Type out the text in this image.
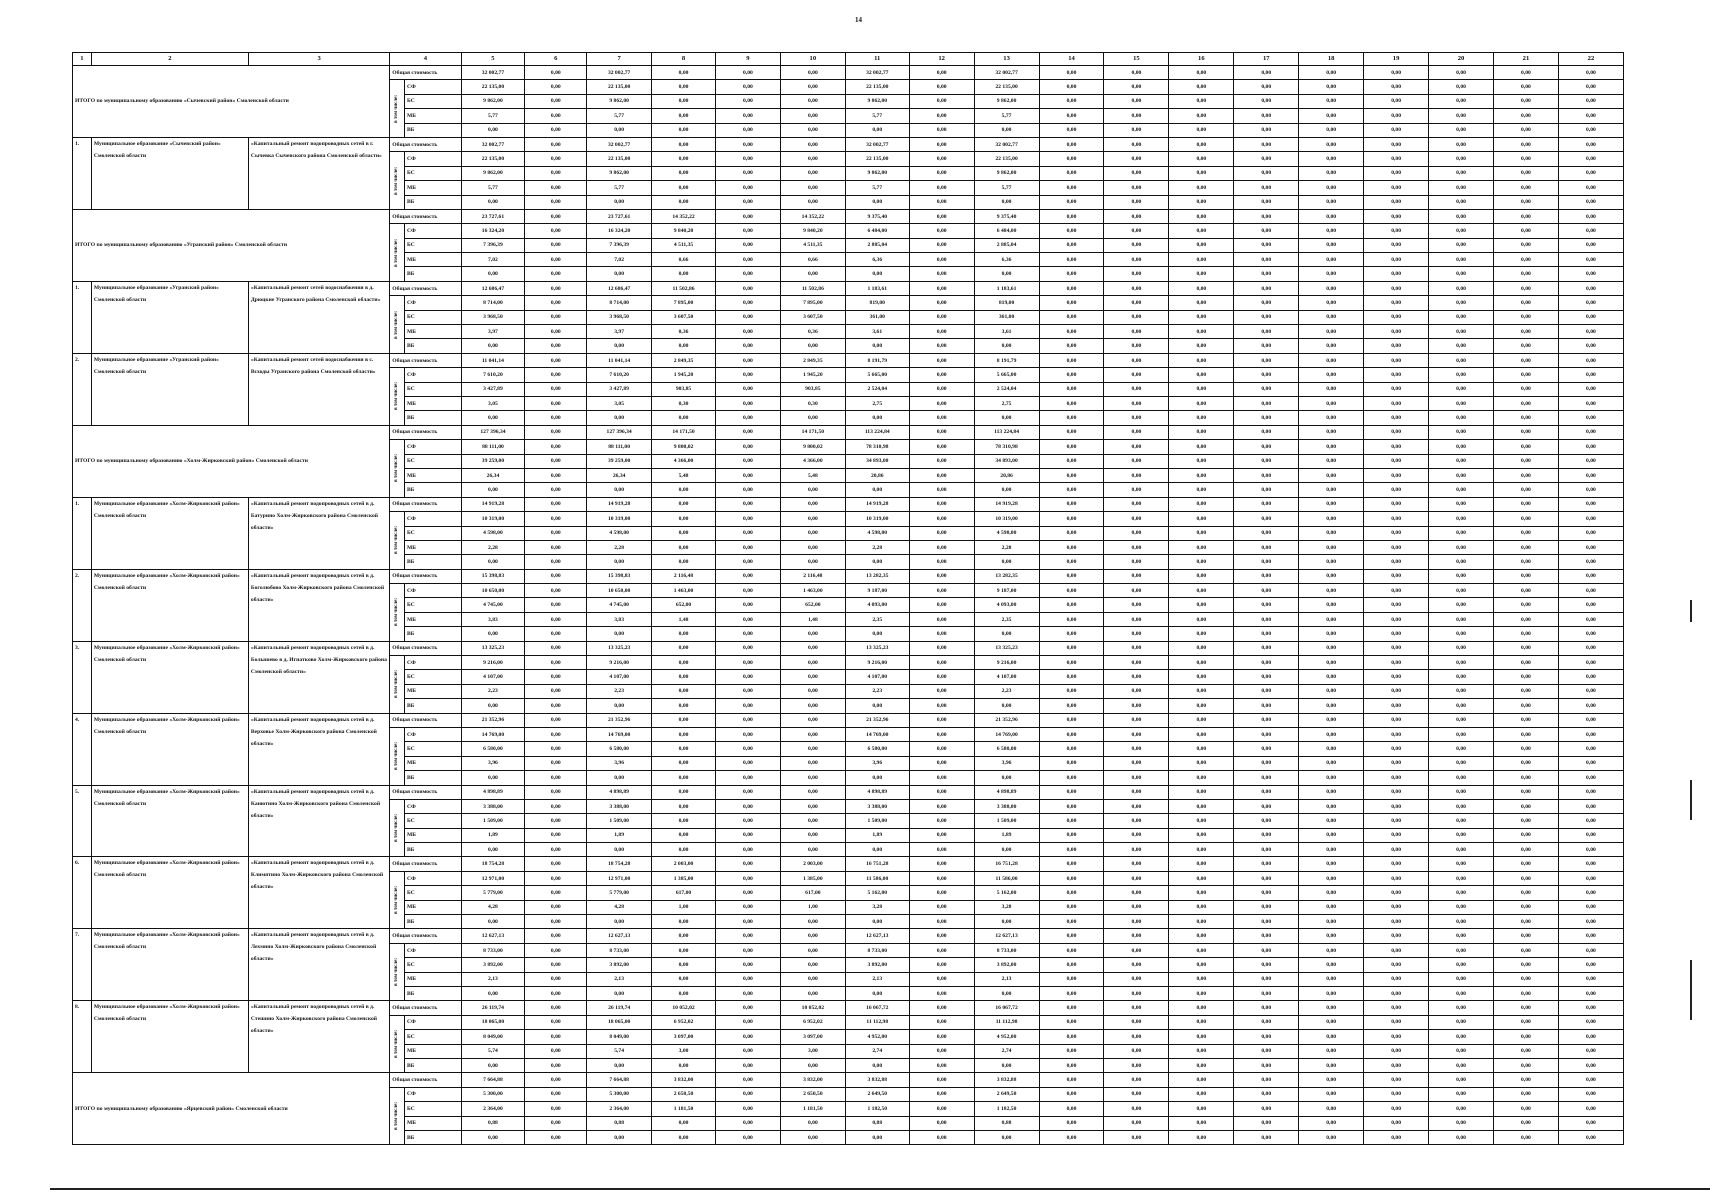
14
1	2	3	4		5	6	7	8	9	10	11	12	13	14	15	16	17	18	19	20	21	22
ИТОГО по муниципальному образованию «Сычевский район» Смоленской области			Общая стоимость		32 002,77	0,00	32 002,77	0,00	0,00	0,00	32 002,77	0,00	32 002,77	0,00	0,00	0,00	0,00	0,00	0,00	0,00	0,00	0,00

			в том числе:	СФ	22 135,00	0,00	22 135,00	0,00	0,00	0,00	22 135,00	0,00	22 135,00	0,00	0,00	0,00	0,00	0,00	0,00	0,00	0,00	0,00
				БС	9 862,00	0,00	9 862,00	0,00	0,00	0,00	9 862,00	0,00	9 862,00	0,00	0,00	0,00	0,00	0,00	0,00	0,00	0,00	0,00
				МБ	5,77	0,00	5,77	0,00	0,00	0,00	5,77	0,00	5,77	0,00	0,00	0,00	0,00	0,00	0,00	0,00	0,00	0,00
				ВБ	0,00	0,00	0,00	0,00	0,00	0,00	0,00	0,00	0,00	0,00	0,00	0,00	0,00	0,00	0,00	0,00	0,00	0,00
1.	Муниципальное образование «Сычевский район» Смоленской области	«Капитальный ремонт водопроводных сетей в г. Сычевка Сычевского района Смоленской области»	Общая стоимость		32 002,77	0,00	32 002,77	0,00	0,00	0,00	32 002,77	0,00	32 002,77	0,00	0,00	0,00	0,00	0,00	0,00	0,00	0,00	0,00

			в том числе:	СФ	22 135,00	0,00	22 135,00	0,00	0,00	0,00	22 135,00	0,00	22 135,00	0,00	0,00	0,00	0,00	0,00	0,00	0,00	0,00	0,00
				БС	9 862,00	0,00	9 862,00	0,00	0,00	0,00	9 862,00	0,00	9 862,00	0,00	0,00	0,00	0,00	0,00	0,00	0,00	0,00	0,00
				МБ	5,77	0,00	5,77	0,00	0,00	0,00	5,77	0,00	5,77	0,00	0,00	0,00	0,00	0,00	0,00	0,00	0,00	0,00
				ВБ	0,00	0,00	0,00	0,00	0,00	0,00	0,00	0,00	0,00	0,00	0,00	0,00	0,00	0,00	0,00	0,00	0,00	0,00
ИТОГО по муниципальному образованию «Угранский район» Смоленской области			Общая стоимость		23 727,61	0,00	23 727,61	14 352,22	0,00	14 352,22	9 375,40	0,00	9 375,40	0,00	0,00	0,00	0,00	0,00	0,00	0,00	0,00	0,00

			в том числе:	СФ	16 324,20	0,00	16 324,20	9 840,20	0,00	9 840,20	6 484,00	0,00	6 484,00	0,00	0,00	0,00	0,00	0,00	0,00	0,00	0,00	0,00
				БС	7 396,39	0,00	7 396,39	4 511,35	0,00	4 511,35	2 885,04	0,00	2 885,04	0,00	0,00	0,00	0,00	0,00	0,00	0,00	0,00	0,00
				МБ	7,02	0,00	7,02	0,66	0,00	0,66	6,36	0,00	6,36	0,00	0,00	0,00	0,00	0,00	0,00	0,00	0,00	0,00
				ВБ	0,00	0,00	0,00	0,00	0,00	0,00	0,00	0,00	0,00	0,00	0,00	0,00	0,00	0,00	0,00	0,00	0,00	0,00
1.	Муниципальное образование «Угранский район» Смоленской области	«Капитальный ремонт сетей водоснабжения в д. Дрюцкие Угранского района Смоленской области»	Общая стоимость		12 686,47	0,00	12 686,47	11 502,86	0,00	11 502,86	1 183,61	0,00	1 183,61	0,00	0,00	0,00	0,00	0,00	0,00	0,00	0,00	0,00

			в том числе:	СФ	8 714,00	0,00	8 714,00	7 895,00	0,00	7 895,00	819,00	0,00	819,00	0,00	0,00	0,00	0,00	0,00	0,00	0,00	0,00	0,00
				БС	3 968,50	0,00	3 968,50	3 607,50	0,00	3 607,50	361,00	0,00	361,00	0,00	0,00	0,00	0,00	0,00	0,00	0,00	0,00	0,00
				МБ	3,97	0,00	3,97	0,36	0,00	0,36	3,61	0,00	3,61	0,00	0,00	0,00	0,00	0,00	0,00	0,00	0,00	0,00
				ВБ	0,00	0,00	0,00	0,00	0,00	0,00	0,00	0,00	0,00	0,00	0,00	0,00	0,00	0,00	0,00	0,00	0,00	0,00
2.	Муниципальное образование «Угранский район» Смоленской области	«Капитальный ремонт сетей водоснабжения в с. Всходы Угранского района Смоленской области»	Общая стоимость		11 041,14	0,00	11 041,14	2 849,35	0,00	2 849,35	8 191,79	0,00	8 191,79	0,00	0,00	0,00	0,00	0,00	0,00	0,00	0,00	0,00

			в том числе:	СФ	7 610,20	0,00	7 610,20	1 945,20	0,00	1 945,20	5 665,00	0,00	5 665,00	0,00	0,00	0,00	0,00	0,00	0,00	0,00	0,00	0,00
				БС	3 427,89	0,00	3 427,89	903,85	0,00	903,85	2 524,04	0,00	2 524,04	0,00	0,00	0,00	0,00	0,00	0,00	0,00	0,00	0,00
				МБ	3,05	0,00	3,05	0,30	0,00	0,30	2,75	0,00	2,75	0,00	0,00	0,00	0,00	0,00	0,00	0,00	0,00	0,00
				ВБ	0,00	0,00	0,00	0,00	0,00	0,00	0,00	0,00	0,00	0,00	0,00	0,00	0,00	0,00	0,00	0,00	0,00	0,00
ИТОГО по муниципальному образованию «Холм-Жирковский район» Смоленской области			Общая стоимость		127 396,34	0,00	127 396,34	14 171,50	0,00	14 171,50	113 224,84	0,00	113 224,84	0,00	0,00	0,00	0,00	0,00	0,00	0,00	0,00	0,00

			в том числе:	СФ	88 111,00	0,00	88 111,00	9 800,02	0,00	9 800,02	78 310,98	0,00	78 310,98	0,00	0,00	0,00	0,00	0,00	0,00	0,00	0,00	0,00
				БС	39 259,00	0,00	39 259,00	4 366,00	0,00	4 366,00	34 893,00	0,00	34 893,00	0,00	0,00	0,00	0,00	0,00	0,00	0,00	0,00	0,00
				МБ	26,34	0,00	26,34	5,48	0,00	5,48	20,86	0,00	20,86	0,00	0,00	0,00	0,00	0,00	0,00	0,00	0,00	0,00
				ВБ	0,00	0,00	0,00	0,00	0,00	0,00	0,00	0,00	0,00	0,00	0,00	0,00	0,00	0,00	0,00	0,00	0,00	0,00
1.	Муниципальное образование «Холм-Жирковский район» Смоленской области	«Капитальный ремонт водопроводных сетей в д. Батурино Холм-Жирковского района Смоленской области»	Общая стоимость		14 919,28	0,00	14 919,28	0,00	0,00	0,00	14 919,28	0,00	14 919,28	0,00	0,00	0,00	0,00	0,00	0,00	0,00	0,00	0,00

			в том числе:	СФ	10 319,00	0,00	10 319,00	0,00	0,00	0,00	10 319,00	0,00	10 319,00	0,00	0,00	0,00	0,00	0,00	0,00	0,00	0,00	0,00
				БС	4 598,00	0,00	4 598,00	0,00	0,00	0,00	4 598,00	0,00	4 598,00	0,00	0,00	0,00	0,00	0,00	0,00	0,00	0,00	0,00
				МБ	2,28	0,00	2,28	0,00	0,00	0,00	2,28	0,00	2,28	0,00	0,00	0,00	0,00	0,00	0,00	0,00	0,00	0,00
				ВБ	0,00	0,00	0,00	0,00	0,00	0,00	0,00	0,00	0,00	0,00	0,00	0,00	0,00	0,00	0,00	0,00	0,00	0,00
2.	Муниципальное образование «Холм-Жирковский район» Смоленской области	«Капитальный ремонт водопроводных сетей в д. Боголюбово Холм-Жирковского района Смоленской области»	Общая стоимость		15 398,83	0,00	15 398,83	2 116,48	0,00	2 116,48	13 282,35	0,00	13 282,35	0,00	0,00	0,00	0,00	0,00	0,00	0,00	0,00	0,00

			в том числе:	СФ	10 650,00	0,00	10 650,00	1 463,00	0,00	1 463,00	9 187,00	0,00	9 187,00	0,00	0,00	0,00	0,00	0,00	0,00	0,00	0,00	0,00
				БС	4 745,00	0,00	4 745,00	652,00	0,00	652,00	4 093,00	0,00	4 093,00	0,00	0,00	0,00	0,00	0,00	0,00	0,00	0,00	0,00
				МБ	3,83	0,00	3,83	1,48	0,00	1,48	2,35	0,00	2,35	0,00	0,00	0,00	0,00	0,00	0,00	0,00	0,00	0,00
				ВБ	0,00	0,00	0,00	0,00	0,00	0,00	0,00	0,00	0,00	0,00	0,00	0,00	0,00	0,00	0,00	0,00	0,00	0,00
3.	Муниципальное образование «Холм-Жирковский район» Смоленской области	«Капитальный ремонт водопроводных сетей в д. Болышево в д. Игнатково Холм-Жирковского района Смоленской области»	Общая стоимость		13 325,23	0,00	13 325,23	0,00	0,00	0,00	13 325,23	0,00	13 325,23	0,00	0,00	0,00	0,00	0,00	0,00	0,00	0,00	0,00

			в том числе:	СФ	9 216,00	0,00	9 216,00	0,00	0,00	0,00	9 216,00	0,00	9 216,00	0,00	0,00	0,00	0,00	0,00	0,00	0,00	0,00	0,00
				БС	4 107,00	0,00	4 107,00	0,00	0,00	0,00	4 107,00	0,00	4 107,00	0,00	0,00	0,00	0,00	0,00	0,00	0,00	0,00	0,00
				МБ	2,23	0,00	2,23	0,00	0,00	0,00	2,23	0,00	2,23	0,00	0,00	0,00	0,00	0,00	0,00	0,00	0,00	0,00
				ВБ	0,00	0,00	0,00	0,00	0,00	0,00	0,00	0,00	0,00	0,00	0,00	0,00	0,00	0,00	0,00	0,00	0,00	0,00
4.	Муниципальное образование «Холм-Жирковский район» Смоленской области	«Капитальный ремонт водопроводных сетей в д. Верховье Холм-Жирковского района Смоленской области»	Общая стоимость		21 352,96	0,00	21 352,96	0,00	0,00	0,00	21 352,96	0,00	21 352,96	0,00	0,00	0,00	0,00	0,00	0,00	0,00	0,00	0,00

			в том числе:	СФ	14 769,00	0,00	14 769,00	0,00	0,00	0,00	14 769,00	0,00	14 769,00	0,00	0,00	0,00	0,00	0,00	0,00	0,00	0,00	0,00
				БС	6 580,00	0,00	6 580,00	0,00	0,00	0,00	6 580,00	0,00	6 580,00	0,00	0,00	0,00	0,00	0,00	0,00	0,00	0,00	0,00
				МБ	3,96	0,00	3,96	0,00	0,00	0,00	3,96	0,00	3,96	0,00	0,00	0,00	0,00	0,00	0,00	0,00	0,00	0,00
				ВБ	0,00	0,00	0,00	0,00	0,00	0,00	0,00	0,00	0,00	0,00	0,00	0,00	0,00	0,00	0,00	0,00	0,00	0,00
5.	Муниципальное образование «Холм-Жирковский район» Смоленской области	«Капитальный ремонт водопроводных сетей в д. Канютино Холм-Жирковского района Смоленской области»	Общая стоимость		4 898,89	0,00	4 898,89	0,00	0,00	0,00	4 898,89	0,00	4 898,89	0,00	0,00	0,00	0,00	0,00	0,00	0,00	0,00	0,00

			в том числе:	СФ	3 388,00	0,00	3 388,00	0,00	0,00	0,00	3 388,00	0,00	3 388,00	0,00	0,00	0,00	0,00	0,00	0,00	0,00	0,00	0,00
				БС	1 509,00	0,00	1 509,00	0,00	0,00	0,00	1 509,00	0,00	1 509,00	0,00	0,00	0,00	0,00	0,00	0,00	0,00	0,00	0,00
				МБ	1,89	0,00	1,89	0,00	0,00	0,00	1,89	0,00	1,89	0,00	0,00	0,00	0,00	0,00	0,00	0,00	0,00	0,00
				ВБ	0,00	0,00	0,00	0,00	0,00	0,00	0,00	0,00	0,00	0,00	0,00	0,00	0,00	0,00	0,00	0,00	0,00	0,00
6.	Муниципальное образование «Холм-Жирковский район» Смоленской области	«Капитальный ремонт водопроводных сетей в д. Климятино Холм-Жирковского района Смоленской области»	Общая стоимость		18 754,28	0,00	18 754,28	2 003,00	0,00	2 003,00	16 751,28	0,00	16 751,28	0,00	0,00	0,00	0,00	0,00	0,00	0,00	0,00	0,00

			в том числе:	СФ	12 971,00	0,00	12 971,00	1 385,00	0,00	1 385,00	11 586,00	0,00	11 586,00	0,00	0,00	0,00	0,00	0,00	0,00	0,00	0,00	0,00
				БС	5 779,00	0,00	5 779,00	617,00	0,00	617,00	5 162,00	0,00	5 162,00	0,00	0,00	0,00	0,00	0,00	0,00	0,00	0,00	0,00
				МБ	4,28	0,00	4,28	1,00	0,00	1,00	3,28	0,00	3,28	0,00	0,00	0,00	0,00	0,00	0,00	0,00	0,00	0,00
				ВБ	0,00	0,00	0,00	0,00	0,00	0,00	0,00	0,00	0,00	0,00	0,00	0,00	0,00	0,00	0,00	0,00	0,00	0,00
7.	Муниципальное образование «Холм-Жирковский район» Смоленской области	«Капитальный ремонт водопроводных сетей в д. Лехмино Холм-Жирковского района Смоленской области»	Общая стоимость		12 627,13	0,00	12 627,13	0,00	0,00	0,00	12 627,13	0,00	12 627,13	0,00	0,00	0,00	0,00	0,00	0,00	0,00	0,00	0,00

			в том числе:	СФ	8 733,00	0,00	8 733,00	0,00	0,00	0,00	8 733,00	0,00	8 733,00	0,00	0,00	0,00	0,00	0,00	0,00	0,00	0,00	0,00
				БС	3 892,00	0,00	3 892,00	0,00	0,00	0,00	3 892,00	0,00	3 892,00	0,00	0,00	0,00	0,00	0,00	0,00	0,00	0,00	0,00
				МБ	2,13	0,00	2,13	0,00	0,00	0,00	2,13	0,00	2,13	0,00	0,00	0,00	0,00	0,00	0,00	0,00	0,00	0,00
				ВБ	0,00	0,00	0,00	0,00	0,00	0,00	0,00	0,00	0,00	0,00	0,00	0,00	0,00	0,00	0,00	0,00	0,00	0,00
8.	Муниципальное образование «Холм-Жирковский район» Смоленской области	«Капитальный ремонт водопроводных сетей в д. Стешино Холм-Жирковского района Смоленской области»	Общая стоимость		26 119,74	0,00	26 119,74	10 052,02	0,00	10 052,02	16 067,72	0,00	16 067,72	0,00	0,00	0,00	0,00	0,00	0,00	0,00	0,00	0,00

			в том числе:	СФ	18 065,00	0,00	18 065,00	6 952,02	0,00	6 952,02	11 112,98	0,00	11 112,98	0,00	0,00	0,00	0,00	0,00	0,00	0,00	0,00	0,00
				БС	8 049,00	0,00	8 049,00	3 097,00	0,00	3 097,00	4 952,00	0,00	4 952,00	0,00	0,00	0,00	0,00	0,00	0,00	0,00	0,00	0,00
				МБ	5,74	0,00	5,74	3,00	0,00	3,00	2,74	0,00	2,74	0,00	0,00	0,00	0,00	0,00	0,00	0,00	0,00	0,00
				ВБ	0,00	0,00	0,00	0,00	0,00	0,00	0,00	0,00	0,00	0,00	0,00	0,00	0,00	0,00	0,00	0,00	0,00	0,00
ИТОГО по муниципальному образованию «Ярцевский район» Смоленской области			Общая стоимость		7 664,88	0,00	7 664,88	3 832,00	0,00	3 832,00	3 832,88	0,00	3 832,88	0,00	0,00	0,00	0,00	0,00	0,00	0,00	0,00	0,00

			в том числе:	СФ	5 300,00	0,00	5 300,00	2 650,50	0,00	2 650,50	2 649,50	0,00	2 649,50	0,00	0,00	0,00	0,00	0,00	0,00	0,00	0,00	0,00
				БС	2 364,00	0,00	2 364,00	1 181,50	0,00	1 181,50	1 182,50	0,00	1 182,50	0,00	0,00	0,00	0,00	0,00	0,00	0,00	0,00	0,00
				МБ	0,88	0,00	0,88	0,00	0,00	0,00	0,88	0,00	0,88	0,00	0,00	0,00	0,00	0,00	0,00	0,00	0,00	0,00
				ВБ	0,00	0,00	0,00	0,00	0,00	0,00	0,00	0,00	0,00	0,00	0,00	0,00	0,00	0,00	0,00	0,00	0,00	0,00
